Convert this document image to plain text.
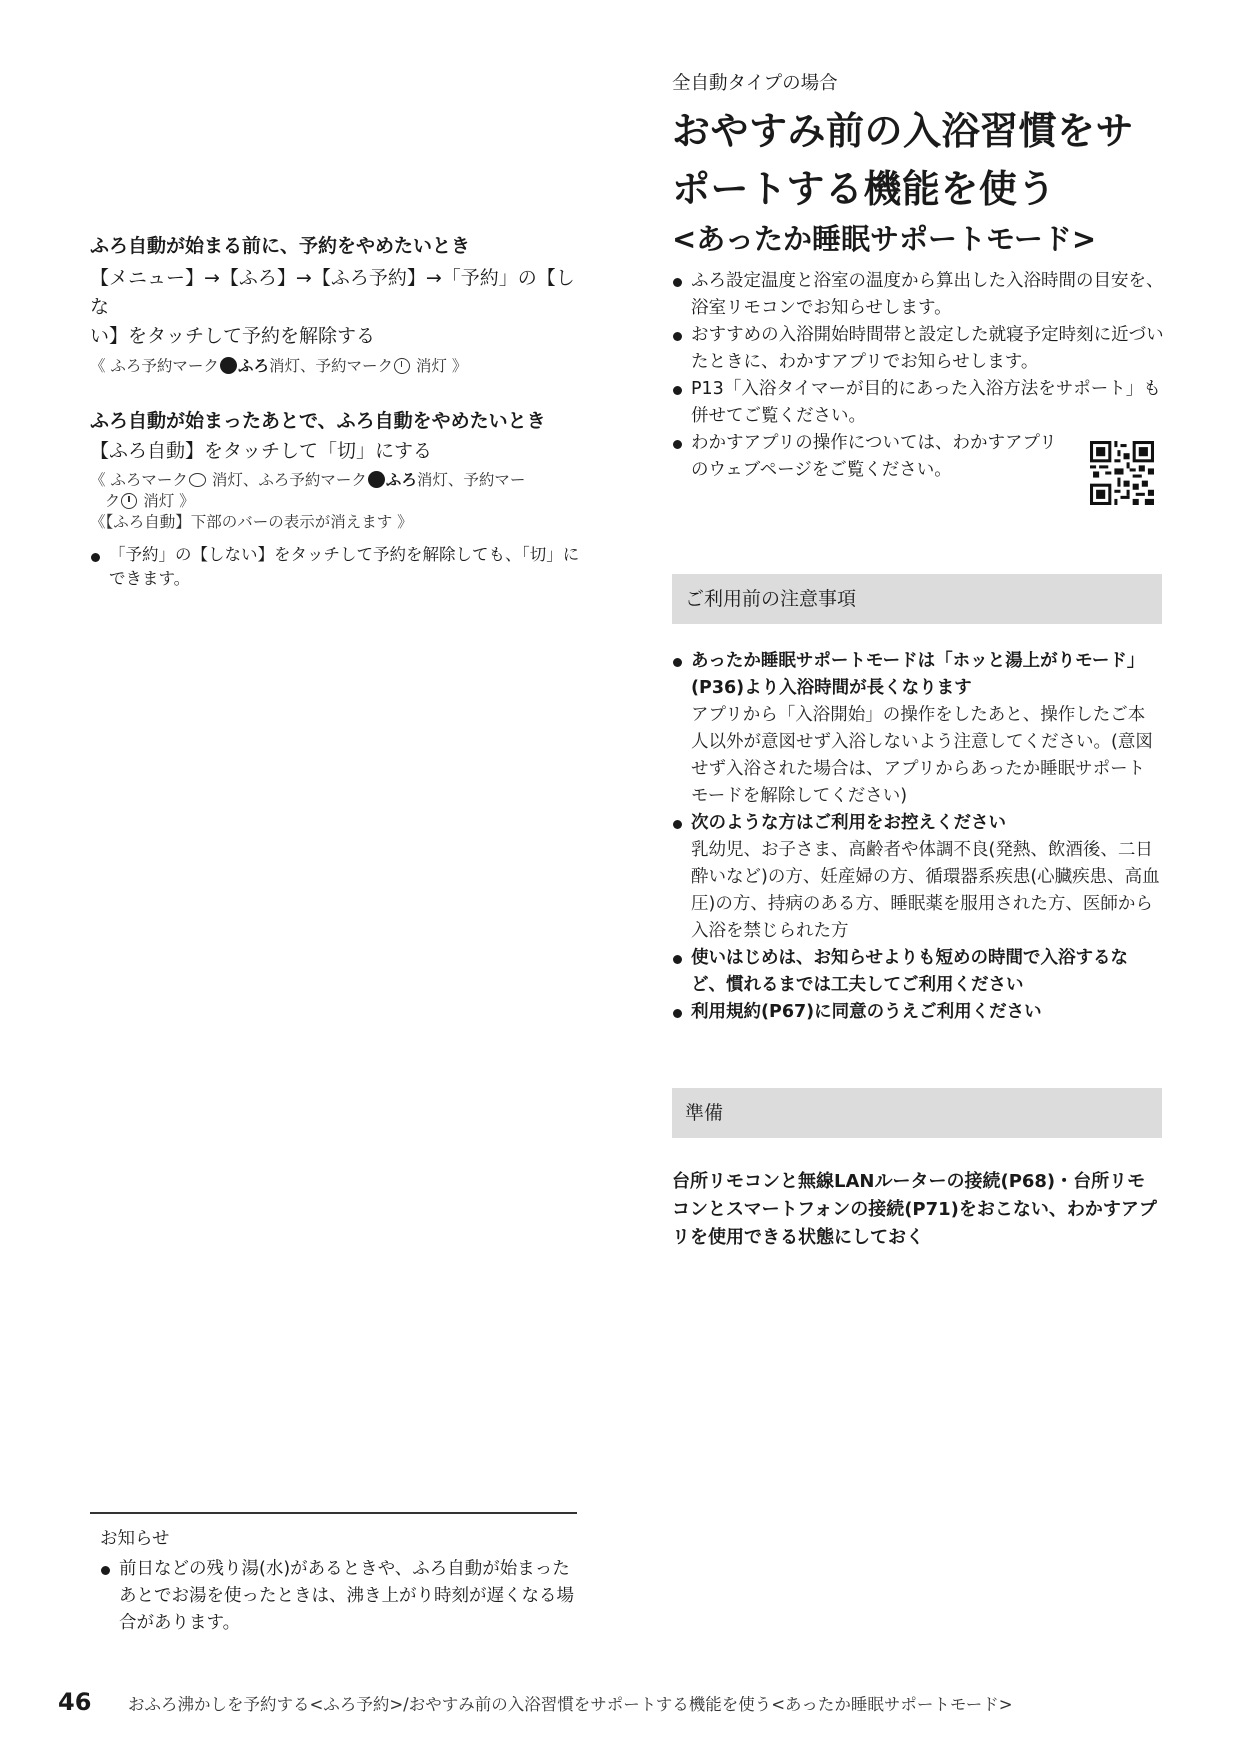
ふろ自動が始まる前に、予約をやめたいとき

【メニュー】→【ふろ】→【ふろ予約】→「予約」の【しな

い】をタッチして予約を解除する

《 ふろ予約マーク ふろ消灯、予約マーク 消灯 》

ふろ自動が始まったあとで、ふろ自動をやめたいとき

【ふろ自動】をタッチして「切」にする

《 ふろマーク 消灯、ふろ予約マーク ふろ消灯、予約マー
ク 消灯 》

《【ふろ自動】下部のバーの表示が消えます 》

「予約」の【しない】をタッチして予約を解除しても、「切」にできます。

お知らせ

前日などの残り湯(水)があるときや、ふろ自動が始まったあとでお湯を使ったときは、沸き上がり時刻が遅くなる場合があります。

全自動タイプの場合

おやすみ前の入浴習慣をサ
ポートする機能を使う

<あったか睡眠サポートモード>

ふろ設定温度と浴室の温度から算出した入浴時間の目安を、浴室リモコンでお知らせします。
おすすめの入浴開始時間帯と設定した就寝予定時刻に近づいたときに、わかすアプリでお知らせします。
P13「入浴タイマーが目的にあった入浴方法をサポート」も併せてご覧ください。
わかすアプリの操作については、わかすアプリのウェブページをご覧ください。
ご利用前の注意事項
あったか睡眠サポートモードは「ホッと湯上がりモード」(P36)より入浴時間が長くなります
アプリから「入浴開始」の操作をしたあと、操作したご本人以外が意図せず入浴しないよう注意してください。(意図せず入浴された場合は、アプリからあったか睡眠サポートモードを解除してください)
次のような方はご利用をお控えください
乳幼児、お子さま、高齢者や体調不良(発熱、飲酒後、二日酔いなど)の方、妊産婦の方、循環器系疾患(心臓疾患、高血圧)の方、持病のある方、睡眠薬を服用された方、医師から入浴を禁じられた方
使いはじめは、お知らせよりも短めの時間で入浴するなど、慣れるまでは工夫してご利用ください
利用規約(P67)に同意のうえご利用ください
準備

台所リモコンと無線LANルーターの接続(P68)・台所リモコンとスマートフォンの接続(P71)をおこない、わかすアプリを使用できる状態にしておく

46	おふろ沸かしを予約する<ふろ予約>/おやすみ前の入浴習慣をサポートする機能を使う<あったか睡眠サポートモード>
